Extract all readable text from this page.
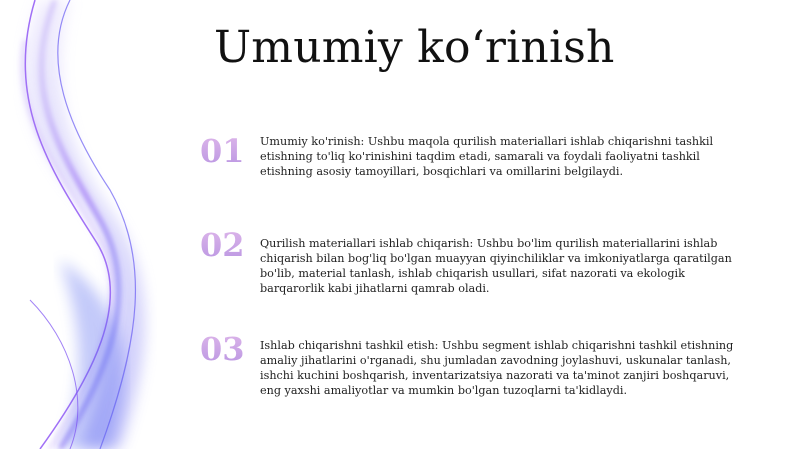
Umumiy ko‘rinish
01 Umumiy ko'rinish: Ushbu maqola qurilish materiallari ishlab chiqarishni tashkil etishning to'liq ko'rinishini taqdim etadi, samarali va foydali faoliyatni tashkil etishning asosiy tamoyillari, bosqichlari va omillarini belgilaydi.

02 Qurilish materiallari ishlab chiqarish: Ushbu bo'lim qurilish materiallarini ishlab chiqarish bilan bog'liq bo'lgan muayyan qiyinchiliklar va imkoniyatlarga qaratilgan bo'lib, material tanlash, ishlab chiqarish usullari, sifat nazorati va ekologik barqarorlik kabi jihatlarni qamrab oladi.

03 Ishlab chiqarishni tashkil etish: Ushbu segment ishlab chiqarishni tashkil etishning amaliy jihatlarini o'rganadi, shu jumladan zavodning joylashuvi, uskunalar tanlash, ishchi kuchini boshqarish, inventarizatsiya nazorati va ta'minot zanjiri boshqaruvi, eng yaxshi amaliyotlar va mumkin bo'lgan tuzoqlarni ta'kidlaydi.
